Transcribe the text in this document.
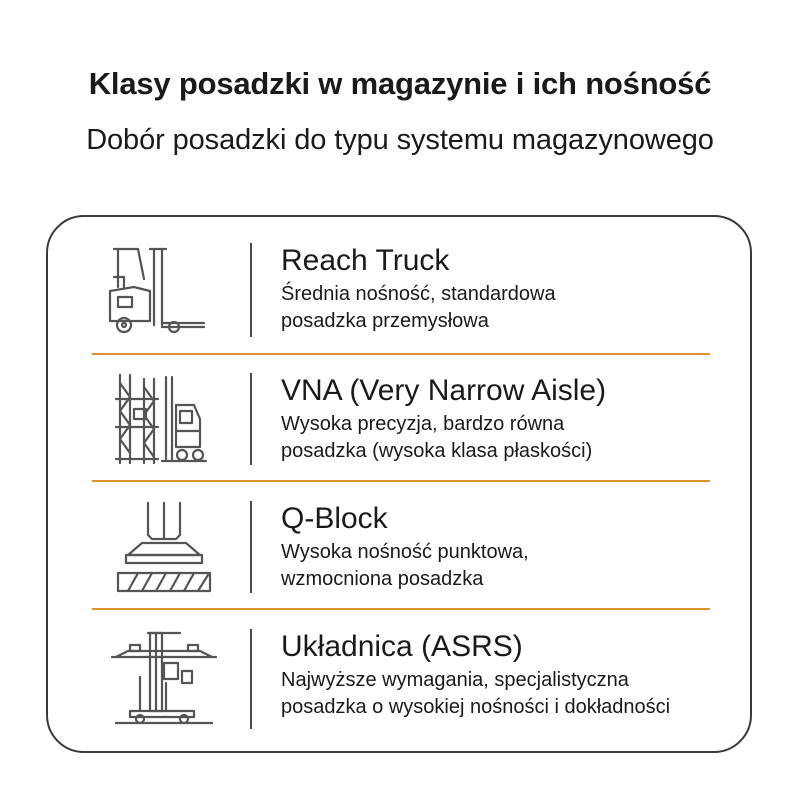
Klasy posadzki w magazynie i ich nośność
Dobór posadzki do typu systemu magazynowego
Reach Truck
Średnia nośność, standardowa
posadzka przemysłowa
VNA (Very Narrow Aisle)
Wysoka precyzja, bardzo równa
posadzka (wysoka klasa płaskości)
Q-Block
Wysoka nośność punktowa,
wzmocniona posadzka
Układnica (ASRS)
Najwyższe wymagania, specjalistyczna
posadzka o wysokiej nośności i dokładności
